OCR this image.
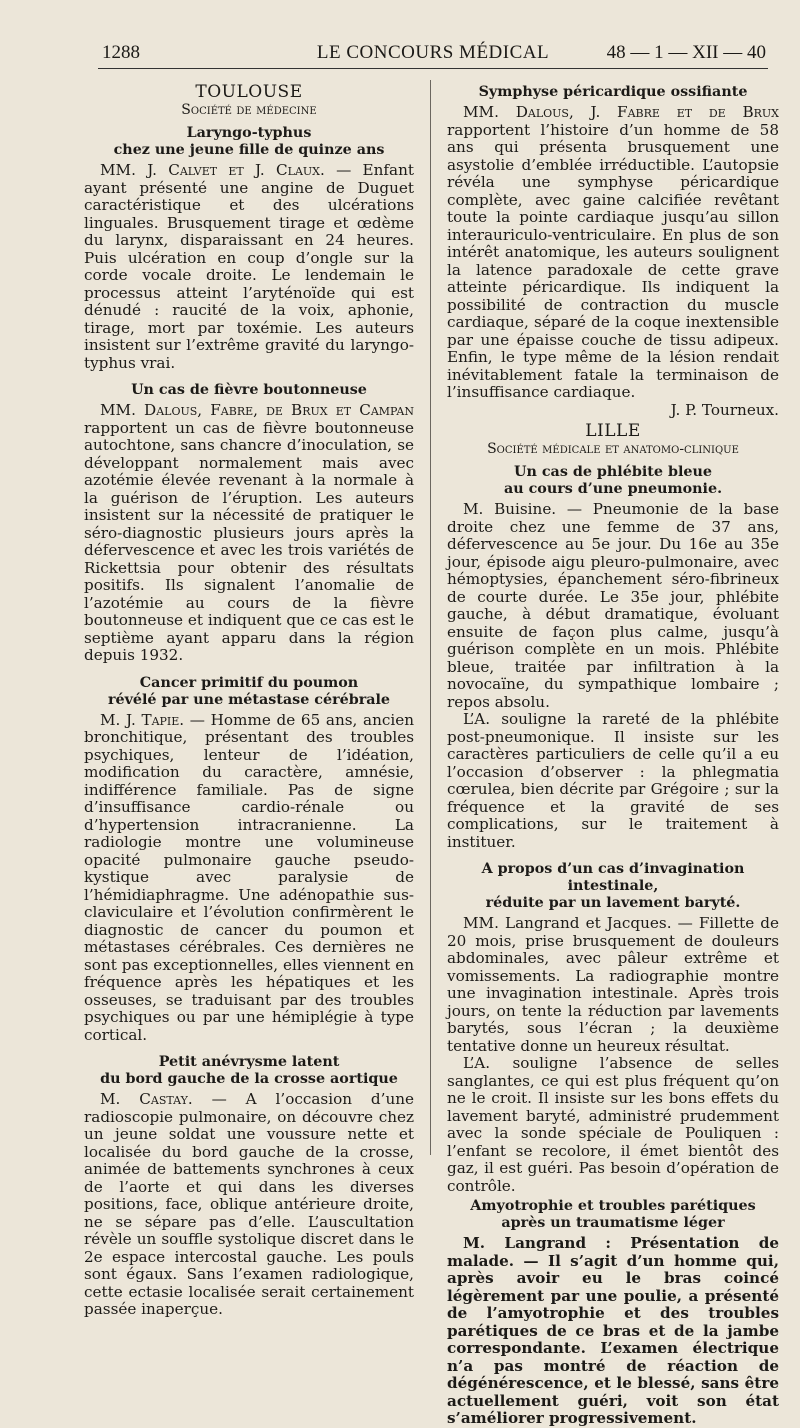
1288	LE CONCOURS MÉDICAL	48 — 1 — XII — 40
TOULOUSE
Société de médecine
Laryngo-typhus
chez une jeune fille de quinze ans

MM. J. Calvet et J. Claux. — Enfant ayant présenté une angine de Duguet caractéristique et des ulcérations linguales. Brusquement tirage et œdème du larynx, disparaissant en 24 heures. Puis ulcération en coup d’ongle sur la corde vocale droite. Le lendemain le processus atteint l’aryténoïde qui est dénudé : raucité de la voix, aphonie, tirage, mort par toxémie. Les auteurs insistent sur l’extrême gravité du laryngo-typhus vrai.

Un cas de fièvre boutonneuse

MM. Dalous, Fabre, de Brux et Campan rapportent un cas de fièvre boutonneuse autochtone, sans chancre d’inoculation, se développant normalement mais avec azotémie élevée revenant à la normale à la guérison de l’éruption. Les auteurs insistent sur la nécessité de pratiquer le séro-diagnostic plusieurs jours après la défervescence et avec les trois variétés de Rickettsia pour obtenir des résultats positifs. Ils signalent l’anomalie de l’azotémie au cours de la fièvre boutonneuse et indiquent que ce cas est le septième ayant apparu dans la région depuis 1932.

Cancer primitif du poumon
révélé par une métastase cérébrale

M. J. Tapie. — Homme de 65 ans, ancien bronchitique, présentant des troubles psychiques, lenteur de l’idéation, modification du caractère, amnésie, indifférence familiale. Pas de signe d’insuffisance cardio-rénale ou d’hypertension intracranienne. La radiologie montre une volumineuse opacité pulmonaire gauche pseudo-kystique avec paralysie de l’hémidiaphragme. Une adénopathie sus-claviculaire et l’évolution confirmèrent le diagnostic de cancer du poumon et métastases cérébrales. Ces dernières ne sont pas exceptionnelles, elles viennent en fréquence après les hépatiques et les osseuses, se traduisant par des troubles psychiques ou par une hémiplégie à type cortical.

Petit anévrysme latent
du bord gauche de la crosse aortique

M. Castay. — A l’occasion d’une radioscopie pulmonaire, on découvre chez un jeune soldat une voussure nette et localisée du bord gauche de la crosse, animée de battements synchrones à ceux de l’aorte et qui dans les diverses positions, face, oblique antérieure droite, ne se sépare pas d’elle. L’auscultation révèle un souffle systolique discret dans le 2e espace intercostal gauche. Les pouls sont égaux. Sans l’examen radiologique, cette ectasie localisée serait certainement passée inaperçue.

Symphyse péricardique ossifiante

MM. Dalous, J. Fabre et de Brux rapportent l’histoire d’un homme de 58 ans qui présenta brusquement une asystolie d’emblée irréductible. L’autopsie révéla une symphyse péricardique complète, avec gaine calcifiée revêtant toute la pointe cardiaque jusqu’au sillon interauriculo-ventriculaire. En plus de son intérêt anatomique, les auteurs soulignent la latence paradoxale de cette grave atteinte péricardique. Ils indiquent la possibilité de contraction du muscle cardiaque, séparé de la coque inextensible par une épaisse couche de tissu adipeux. Enfin, le type même de la lésion rendait inévitablement fatale la terminaison de l’insuffisance cardiaque.

J. P. Tourneux.

LILLE
Société médicale et anatomo-clinique
Un cas de phlébite bleue
au cours d’une pneumonie.

M. Buisine. — Pneumonie de la base droite chez une femme de 37 ans, défervescence au 5e jour. Du 16e au 35e jour, épisode aigu pleuro-pulmonaire, avec hémoptysies, épanchement séro-fibrineux de courte durée. Le 35e jour, phlébite gauche, à début dramatique, évoluant ensuite de façon plus calme, jusqu’à guérison complète en un mois. Phlébite bleue, traitée par infiltration à la novocaïne, du sympathique lombaire ; repos absolu.

L’A. souligne la rareté de la phlébite post-pneumonique. Il insiste sur les caractères particuliers de celle qu’il a eu l’occasion d’observer : la phlegmatia cœrulea, bien décrite par Grégoire ; sur la fréquence et la gravité de ses complications, sur le traitement à instituer.

A propos d’un cas d’invagination intestinale,
réduite par un lavement baryté.

MM. Langrand et Jacques. — Fillette de 20 mois, prise brusquement de douleurs abdominales, avec pâleur extrême et vomissements. La radiographie montre une invagination intestinale. Après trois jours, on tente la réduction par lavements barytés, sous l’écran ; la deuxième tentative donne un heureux résultat.

L’A. souligne l’absence de selles sanglantes, ce qui est plus fréquent qu’on ne le croit. Il insiste sur les bons effets du lavement baryté, administré prudemment avec la sonde spéciale de Pouliquen : l’enfant se recolore, il émet bientôt des gaz, il est guéri. Pas besoin d’opération de contrôle.

Amyotrophie et troubles parétiques
après un traumatisme léger

M. Langrand : Présentation de malade. — Il s’agit d’un homme qui, après avoir eu le bras coincé légèrement par une poulie, a présenté de l’amyotrophie et des troubles parétiques de ce bras et de la jambe correspondante. L’examen électrique n’a pas montré de réaction de dégénérescence, et le blessé, sans être actuellement guéri, voit son état s’améliorer progressivement.
